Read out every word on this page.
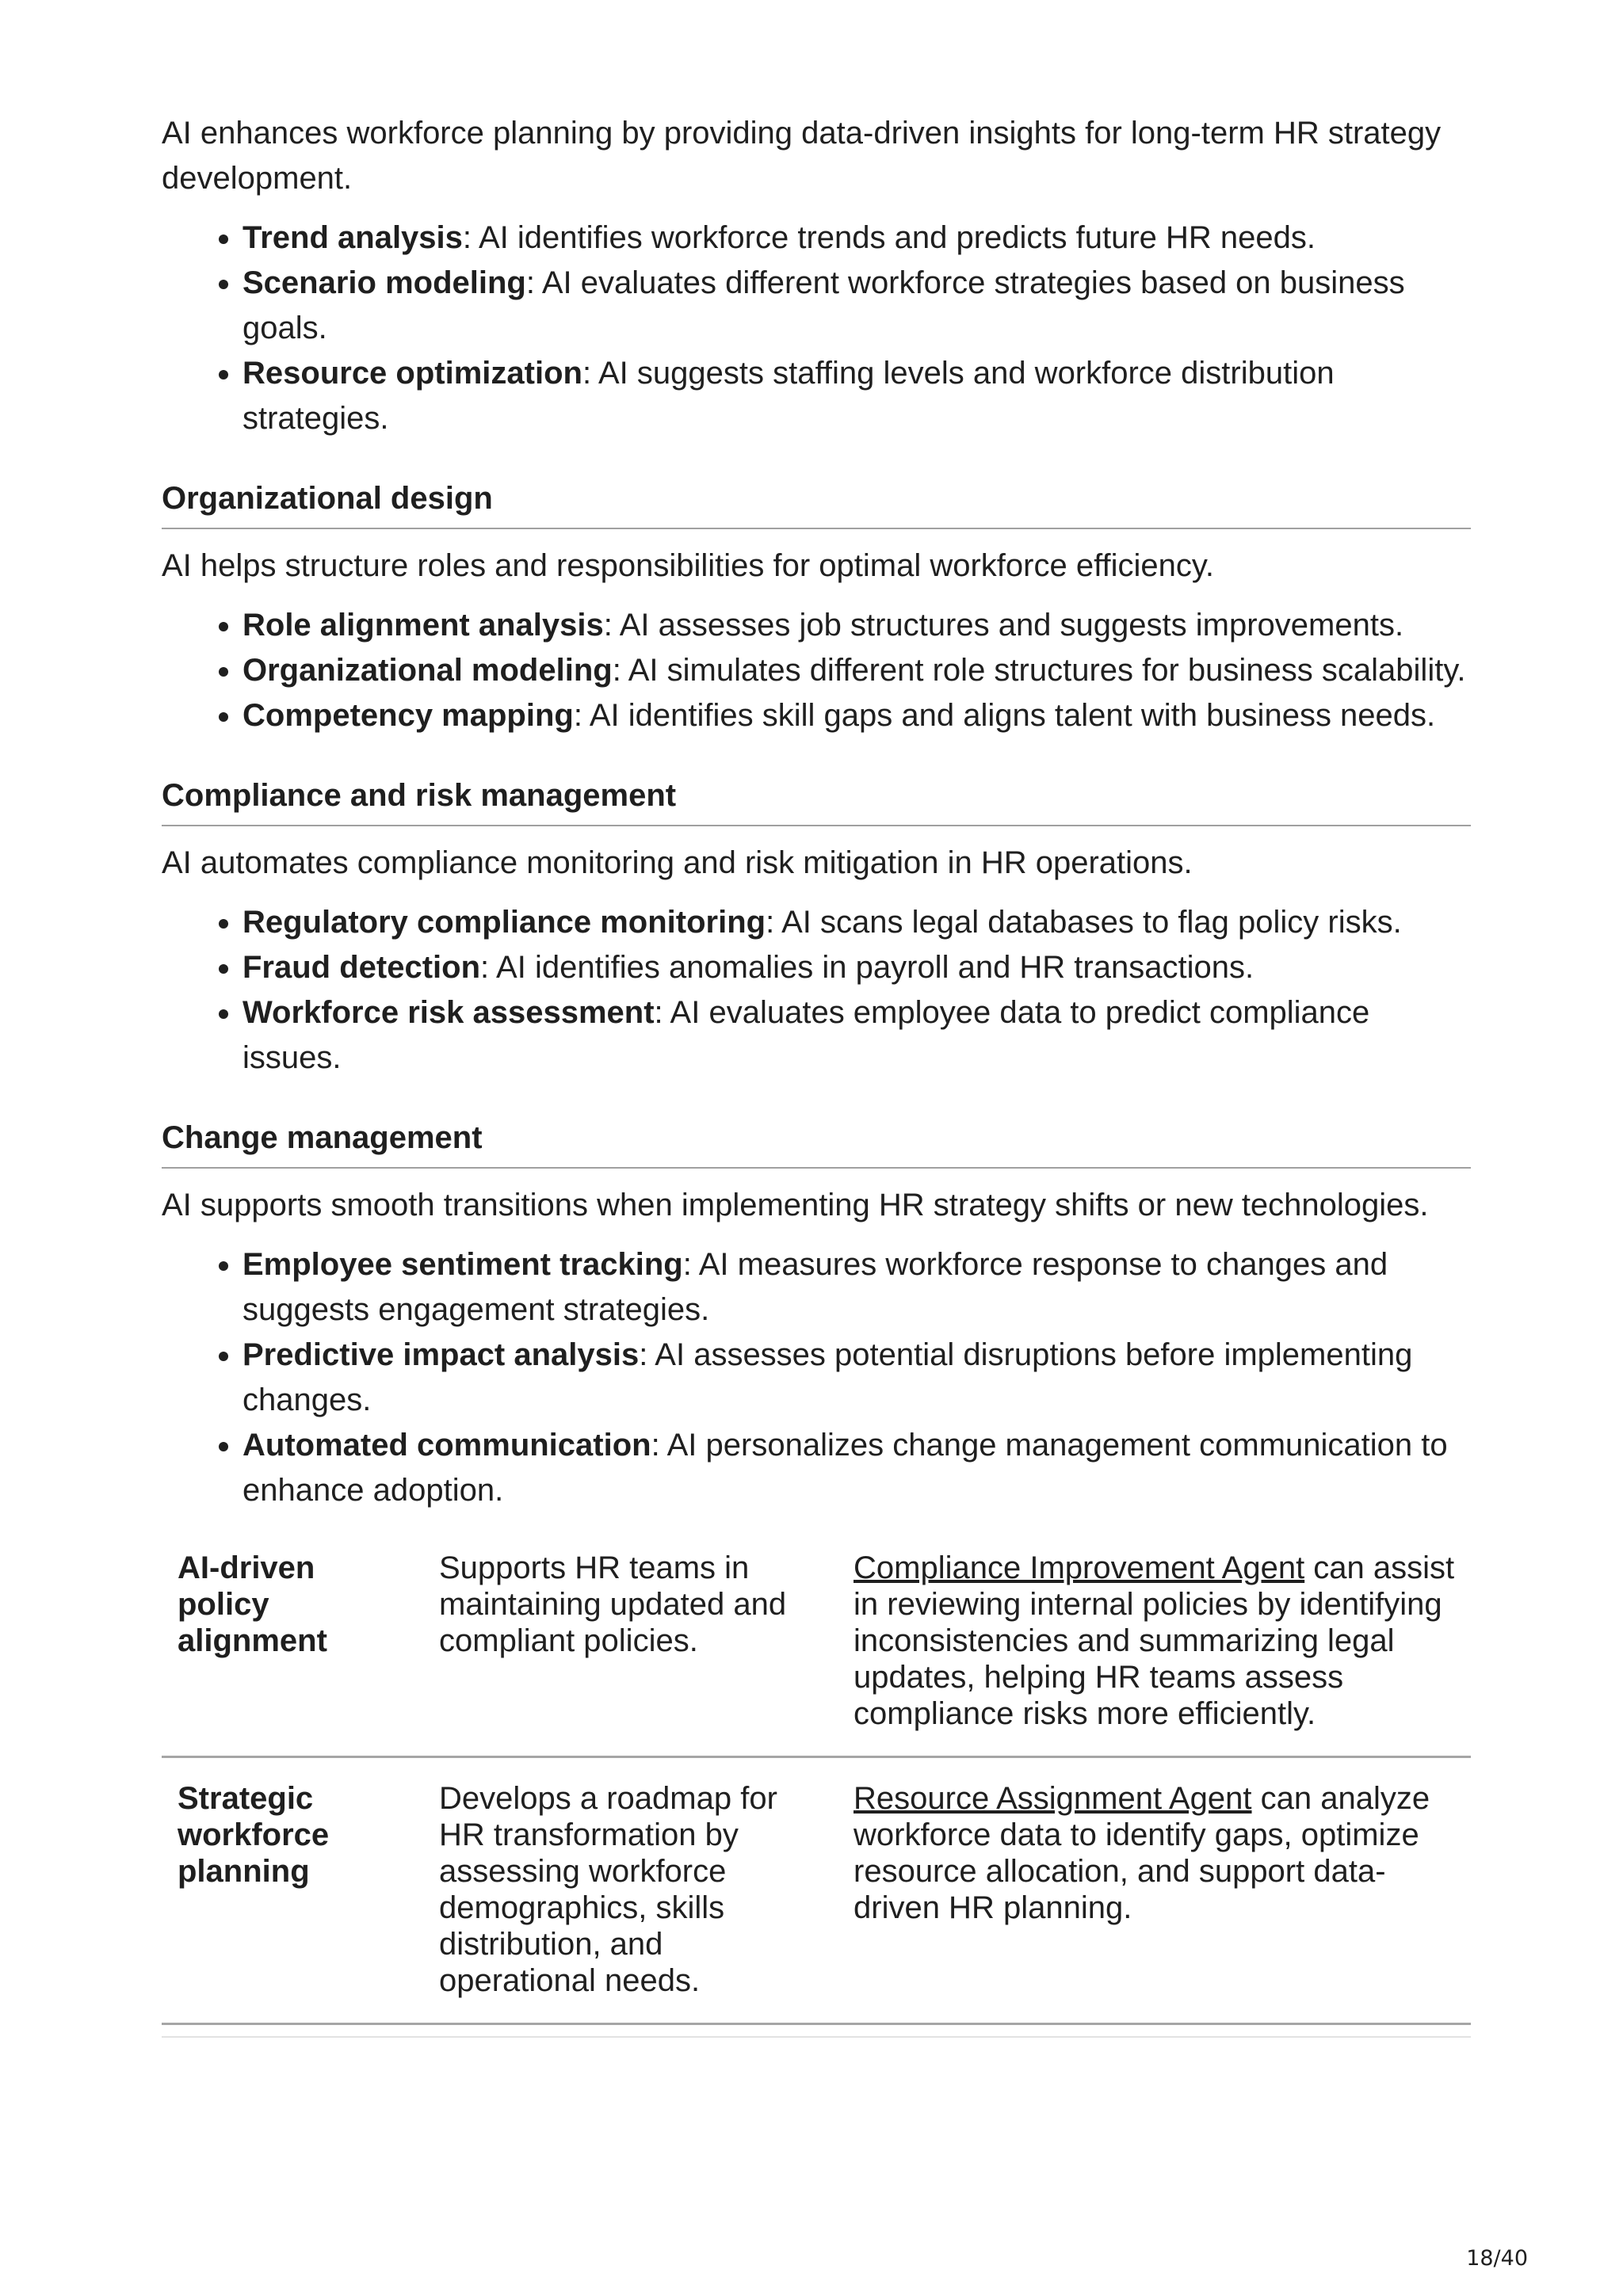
AI enhances workforce planning by providing data-driven insights for long-term HR strategy development.

• Trend analysis: AI identifies workforce trends and predicts future HR needs.
• Scenario modeling: AI evaluates different workforce strategies based on business goals.
• Resource optimization: AI suggests staffing levels and workforce distribution strategies.
Organizational design

AI helps structure roles and responsibilities for optimal workforce efficiency.

• Role alignment analysis: AI assesses job structures and suggests improvements.
• Organizational modeling: AI simulates different role structures for business scalability.
• Competency mapping: AI identifies skill gaps and aligns talent with business needs.
Compliance and risk management

AI automates compliance monitoring and risk mitigation in HR operations.

• Regulatory compliance monitoring: AI scans legal databases to flag policy risks.
• Fraud detection: AI identifies anomalies in payroll and HR transactions.
• Workforce risk assessment: AI evaluates employee data to predict compliance issues.
Change management

AI supports smooth transitions when implementing HR strategy shifts or new technologies.

• Employee sentiment tracking: AI measures workforce response to changes and suggests engagement strategies.
• Predictive impact analysis: AI assesses potential disruptions before implementing changes.
• Automated communication: AI personalizes change management communication to enhance adoption.
AI-driven policy alignment	Supports HR teams in maintaining updated and compliant policies.	Compliance Improvement Agent can assist in reviewing internal policies by identifying inconsistencies and summarizing legal updates, helping HR teams assess compliance risks more efficiently.
Strategic workforce planning	Develops a roadmap for HR transformation by assessing workforce demographics, skills distribution, and operational needs.	Resource Assignment Agent can analyze workforce data to identify gaps, optimize resource allocation, and support data-driven HR planning.
18/40
